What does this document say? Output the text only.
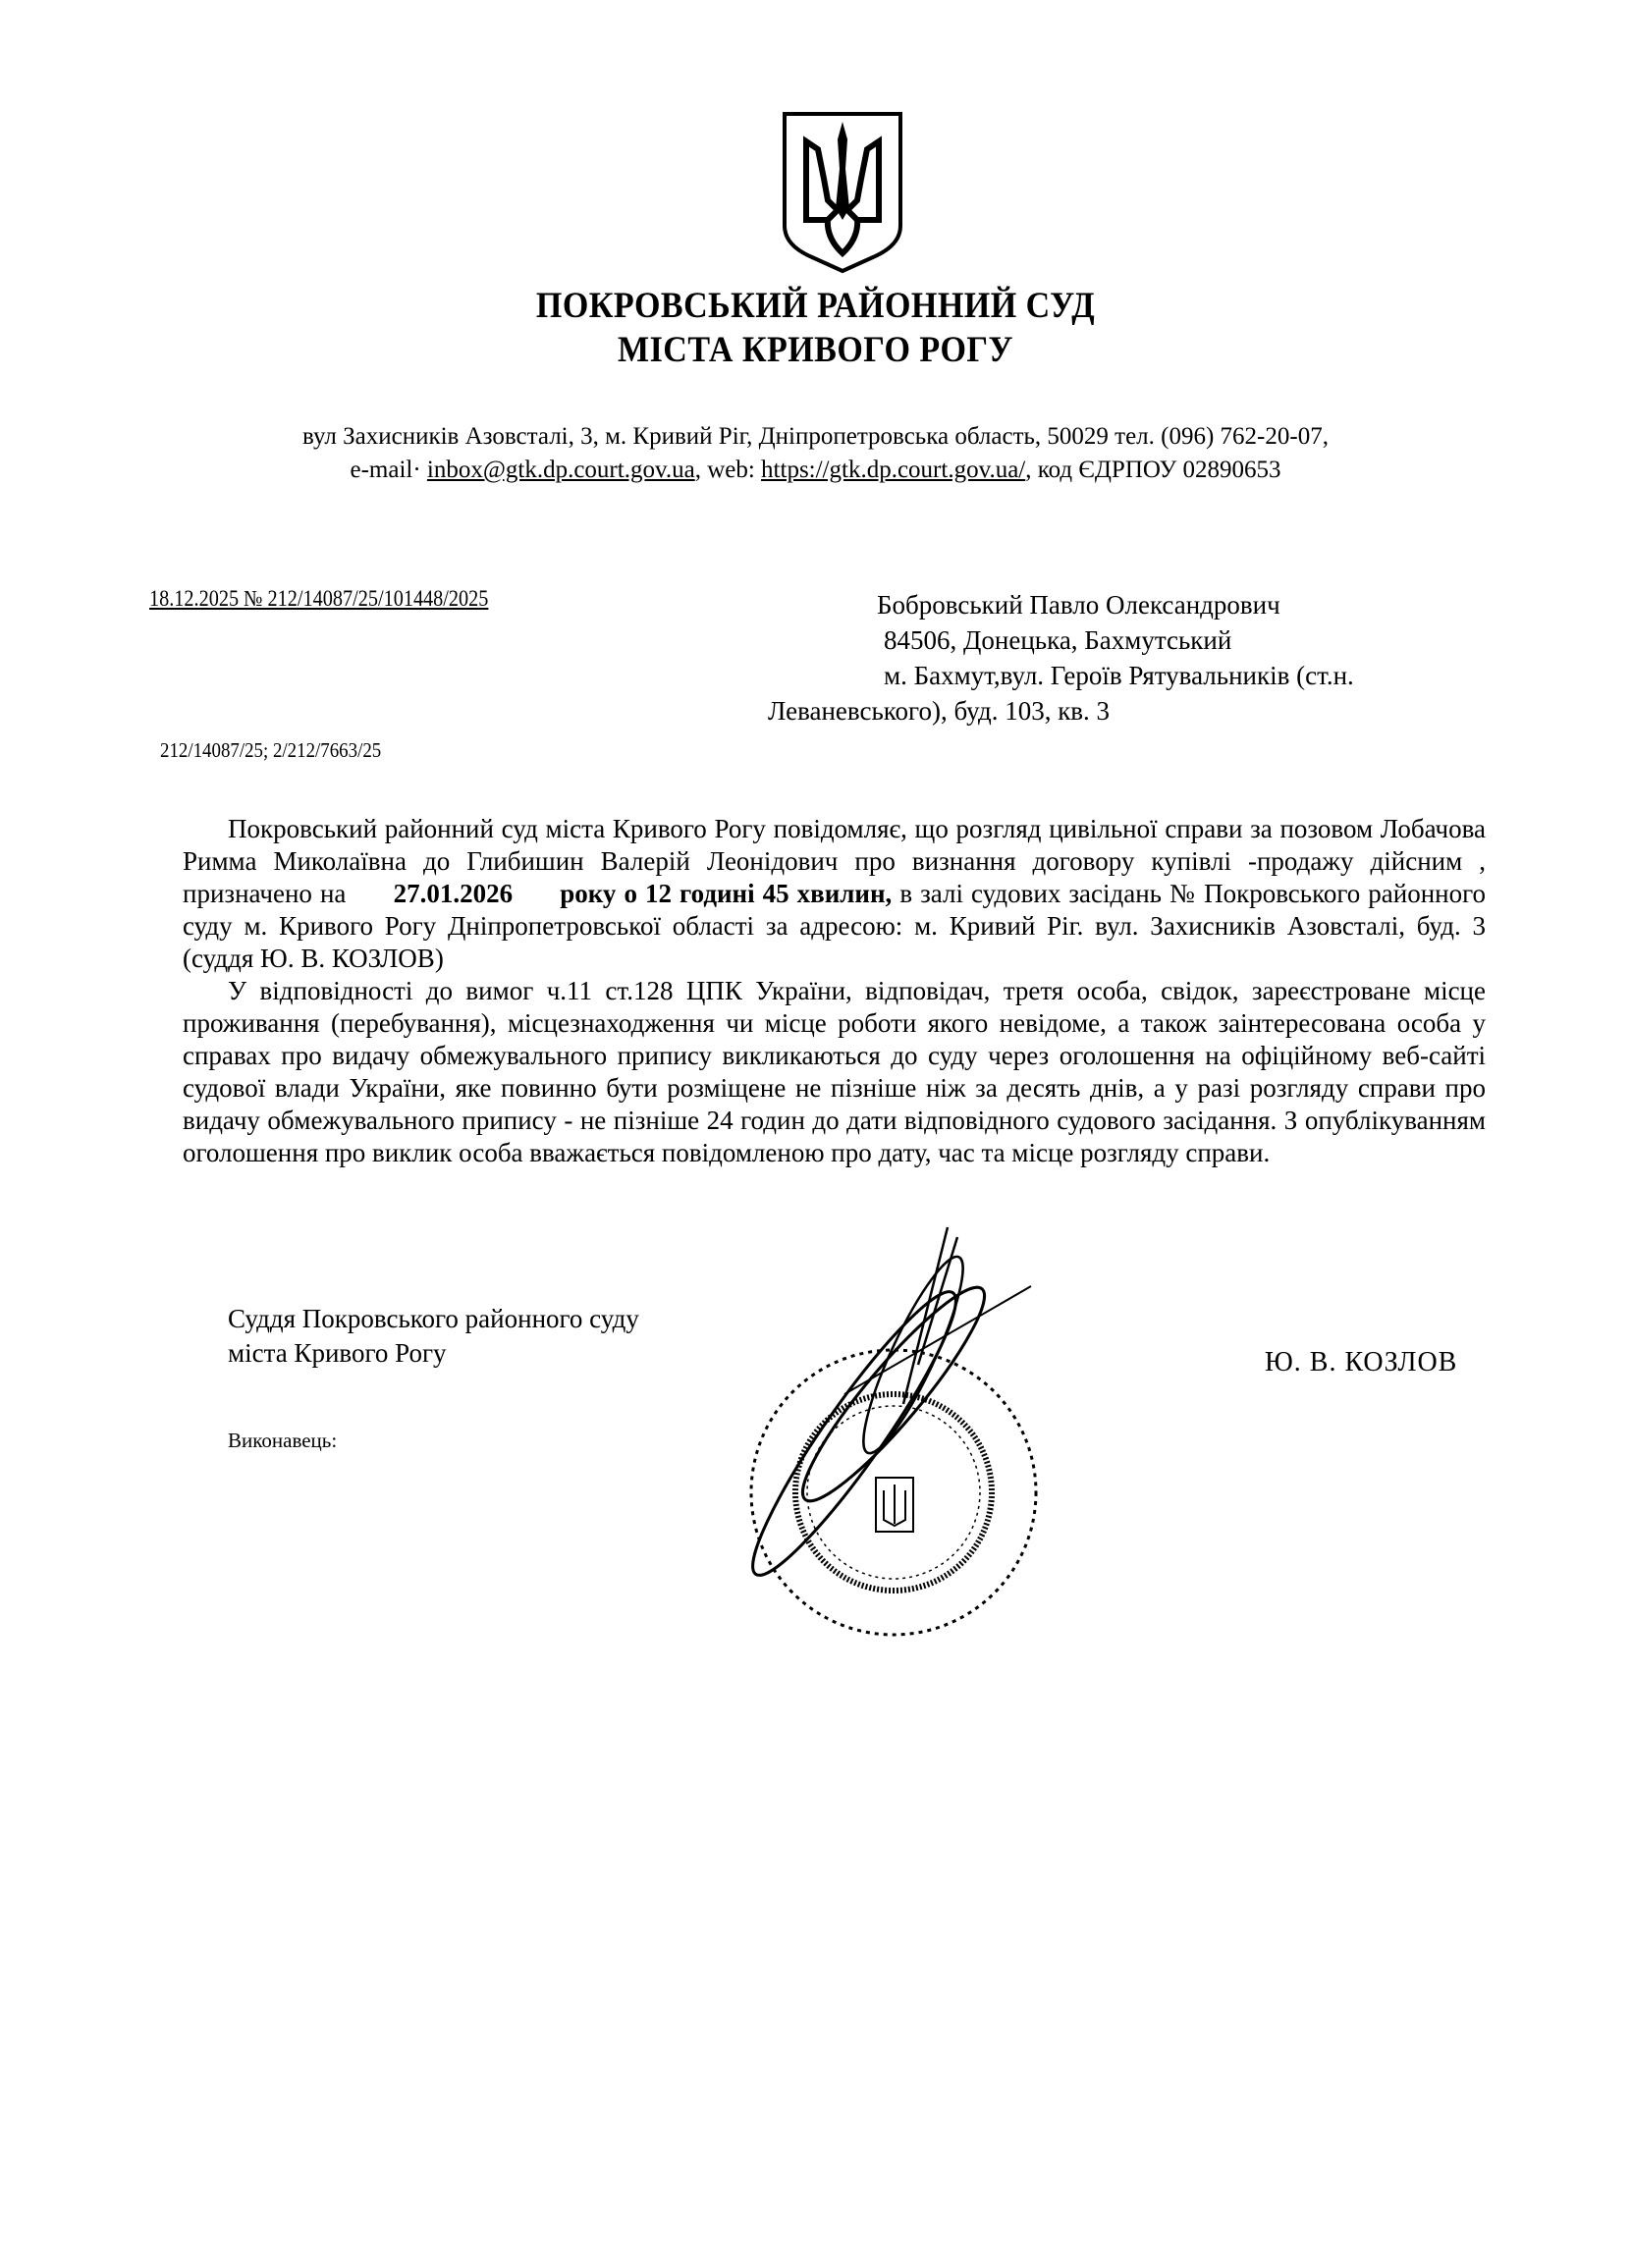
ПОКРОВСЬКИЙ РАЙОННИЙ СУД
МІСТА КРИВОГО РОГУ
вул Захисників Азовсталі, 3, м. Кривий Ріг, Дніпропетровська область, 50029 тел. (096) 762-20-07,
e-mail· inbox@gtk.dp.court.gov.ua, web: https://gtk.dp.court.gov.ua/, код ЄДРПОУ 02890653
18.12.2025 № 212/14087/25/101448/2025
212/14087/25; 2/212/7663/25
Бобровський Павло Олександрович
84506, Донецька, Бахмутський
м. Бахмут,вул. Героїв Рятувальників (ст.н.
Леваневського), буд. 103, кв. 3

Покровський районний суд міста Кривого Рогу повідомляє, що розгляд цивільної справи за позовом Лобачова Римма Миколаївна до Глибишин Валерій Леонідович про визнання договору купівлі -продажу дійсним , призначено на 27.01.2026 року о 12 годині 45 хвилин, в залі судових засідань № Покровського районного суду м. Кривого Рогу Дніпропетровської області за адресою: м. Кривий Ріг. вул. Захисників Азовсталі, буд. 3 (суддя Ю. В. КОЗЛОВ)

У відповідності до вимог ч.11 ст.128 ЦПК України, відповідач, третя особа, свідок, зареєстроване місце проживання (перебування), місцезнаходження чи місце роботи якого невідоме, а також заінтересована особа у справах про видачу обмежувального припису викликаються до суду через оголошення на офіційному веб-сайті судової влади України, яке повинно бути розміщене не пізніше ніж за десять днів, а у разі розгляду справи про видачу обмежувального припису - не пізніше 24 годин до дати відповідного судового засідання. З опублікуванням оголошення про виклик особа вважається повідомленою про дату, час та місце розгляду справи.

Суддя Покровського районного суду
міста Кривого Рогу
Виконавець:
Ю. В. КОЗЛОВ
